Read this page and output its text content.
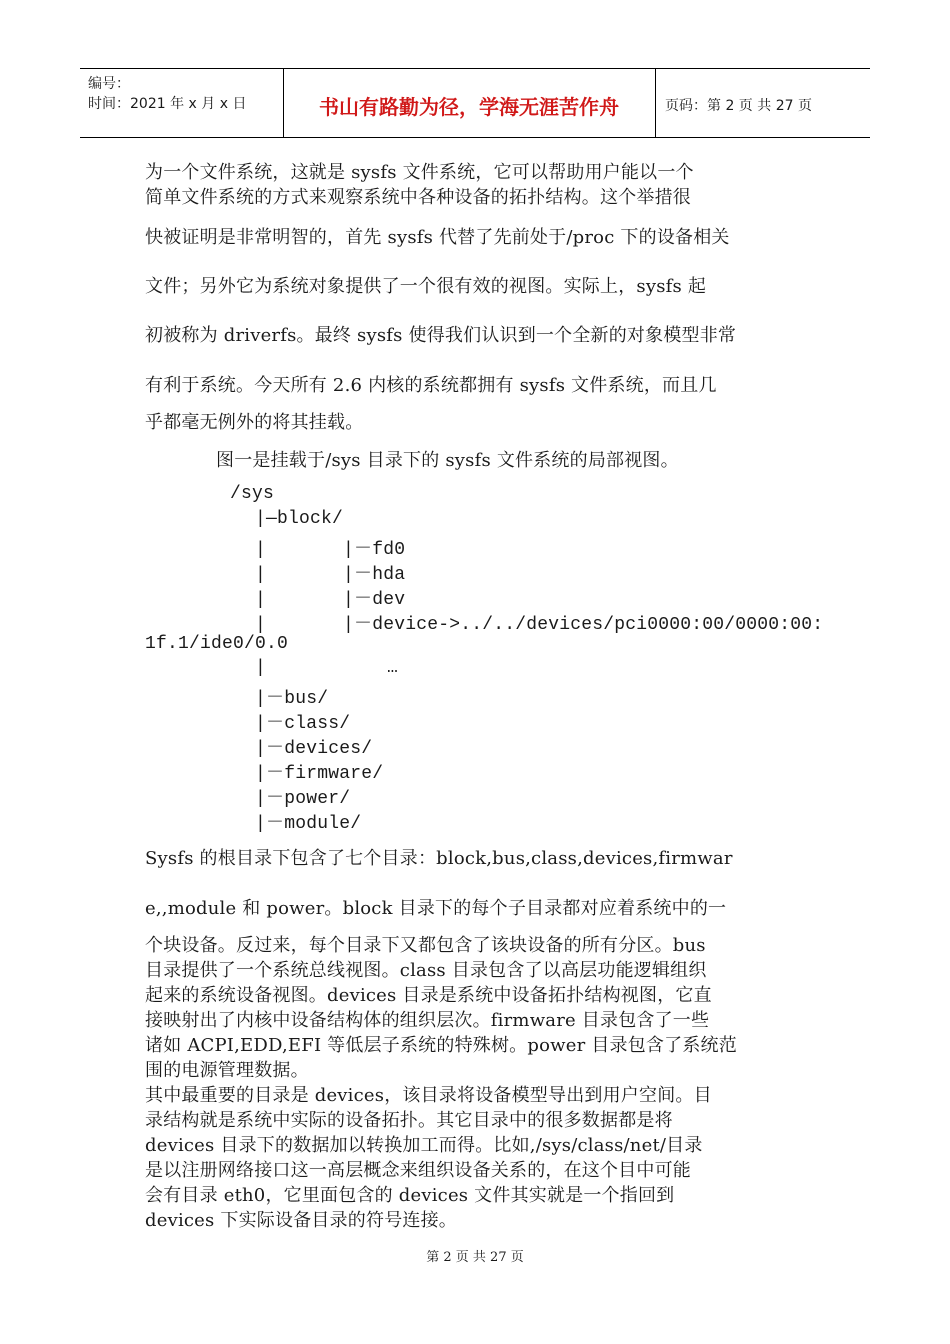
编号：
时间：2021 年 x 月 x 日	书山有路勤为径，学海无涯苦作舟	页码：第 2 页 共 27 页
为一个文件系统，这就是 sysfs 文件系统，它可以帮助用户能以一个
简单文件系统的方式来观察系统中各种设备的拓扑结构。这个举措很
快被证明是非常明智的，首先 sysfs 代替了先前处于/proc 下的设备相关
文件；另外它为系统对象提供了一个很有效的视图。实际上，sysfs 起
初被称为 driverfs。最终 sysfs 使得我们认识到一个全新的对象模型非常
有利于系统。今天所有 2.6 内核的系统都拥有 sysfs 文件系统，而且几
乎都毫无例外的将其挂载。
图一是挂载于/sys 目录下的 sysfs 文件系统的局部视图。
/sys
|—block/
|       |－fd0
|       |－hda
|       |－dev
|       |－device->../../devices/pci0000:00/0000:00:
1f.1/ide0/0.0
|           …
|－bus/
|－class/
|－devices/
|－firmware/
|－power/
|－module/
Sysfs 的根目录下包含了七个目录：block,bus,class,devices,firmwar
e,,module 和 power。block 目录下的每个子目录都对应着系统中的一
个块设备。反过来，每个目录下又都包含了该块设备的所有分区。bus
目录提供了一个系统总线视图。class 目录包含了以高层功能逻辑组织
起来的系统设备视图。devices 目录是系统中设备拓扑结构视图，它直
接映射出了内核中设备结构体的组织层次。firmware 目录包含了一些
诸如 ACPI,EDD,EFI 等低层子系统的特殊树。power 目录包含了系统范
围的电源管理数据。
其中最重要的目录是 devices，该目录将设备模型导出到用户空间。目
录结构就是系统中实际的设备拓扑。其它目录中的很多数据都是将
devices 目录下的数据加以转换加工而得。比如,/sys/class/net/目录
是以注册网络接口这一高层概念来组织设备关系的，在这个目中可能
会有目录 eth0，它里面包含的 devices 文件其实就是一个指回到
devices 下实际设备目录的符号连接。
第 2 页 共 27 页
